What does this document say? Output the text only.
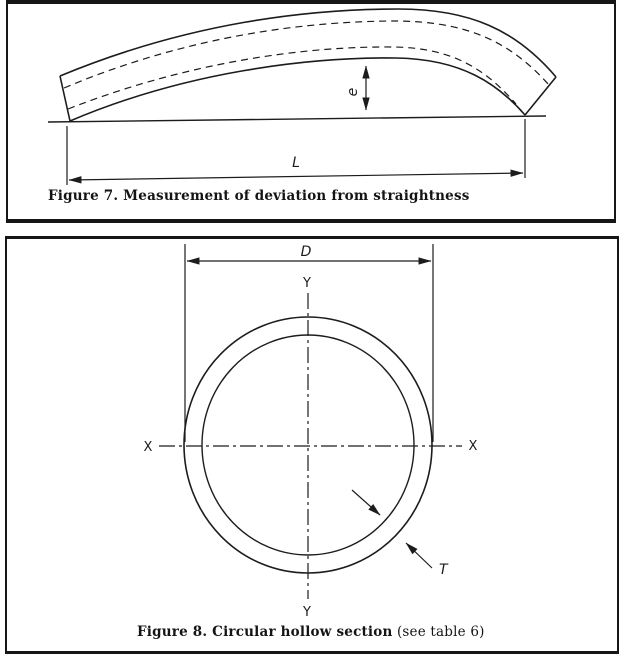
e
L
Figure 7. Measurement of deviation from straightness
D
Y
Y
X	X
T
Figure 8. Circular hollow section (see table 6)
